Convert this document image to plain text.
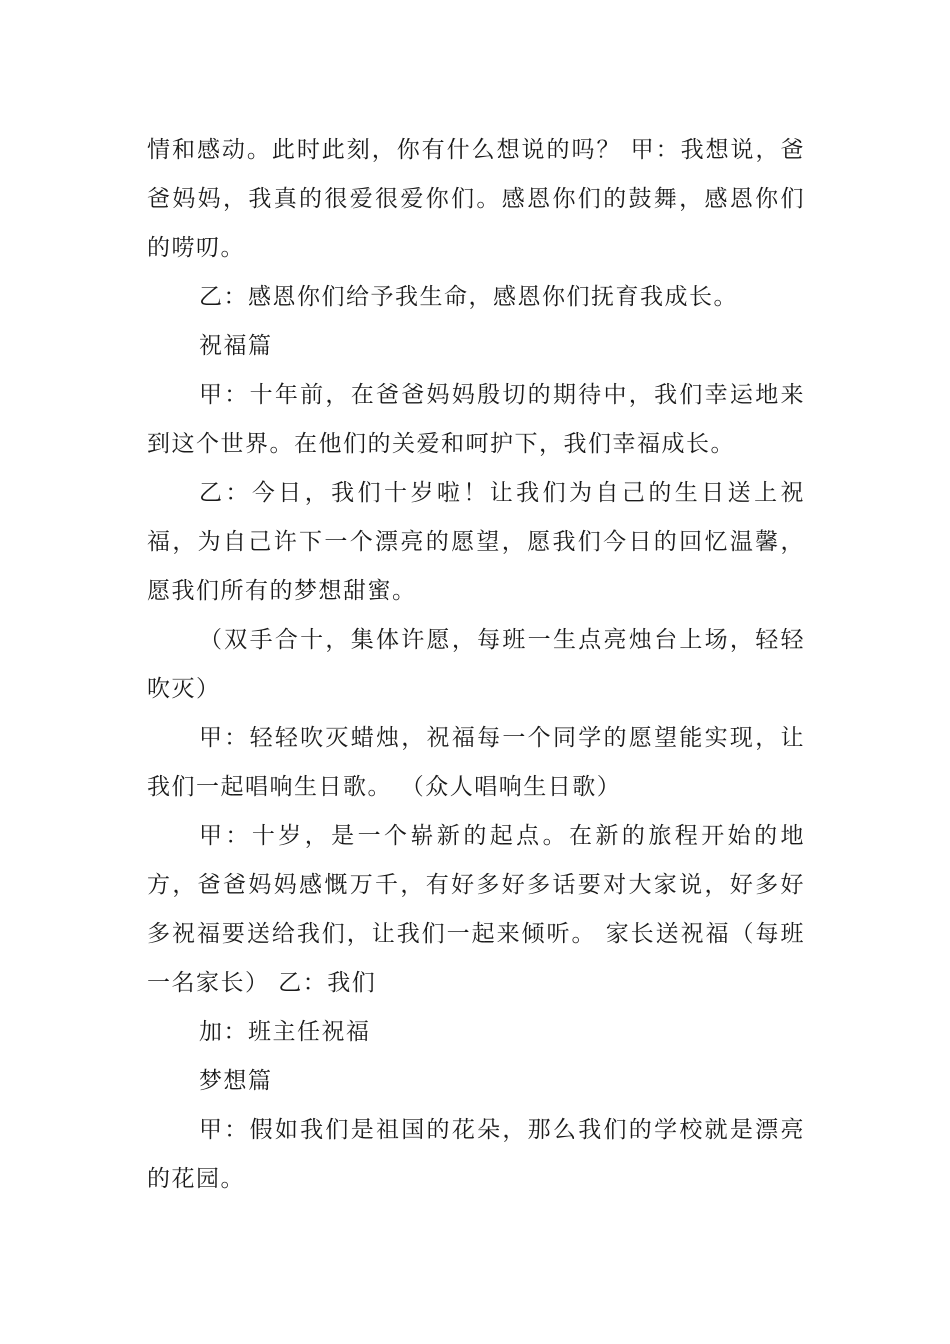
情和感动。此时此刻，你有什么想说的吗？ 甲：我想说，爸爸妈妈，我真的很爱很爱你们。感恩你们的鼓舞，感恩你们的唠叨。

乙：感恩你们给予我生命，感恩你们抚育我成长。

祝福篇

甲：十年前，在爸爸妈妈殷切的期待中，我们幸运地来到这个世界。在他们的关爱和呵护下，我们幸福成长。

乙：今日，我们十岁啦！让我们为自己的生日送上祝福，为自己许下一个漂亮的愿望，愿我们今日的回忆温馨，愿我们所有的梦想甜蜜。

（双手合十，集体许愿，每班一生点亮烛台上场，轻轻吹灭）

甲：轻轻吹灭蜡烛，祝福每一个同学的愿望能实现，让我们一起唱响生日歌。 （众人唱响生日歌）

甲：十岁，是一个崭新的起点。在新的旅程开始的地方，爸爸妈妈感慨万千，有好多好多话要对大家说，好多好多祝福要送给我们，让我们一起来倾听。 家长送祝福（每班一名家长） 乙：我们

加：班主任祝福

梦想篇

甲：假如我们是祖国的花朵，那么我们的学校就是漂亮的花园。
